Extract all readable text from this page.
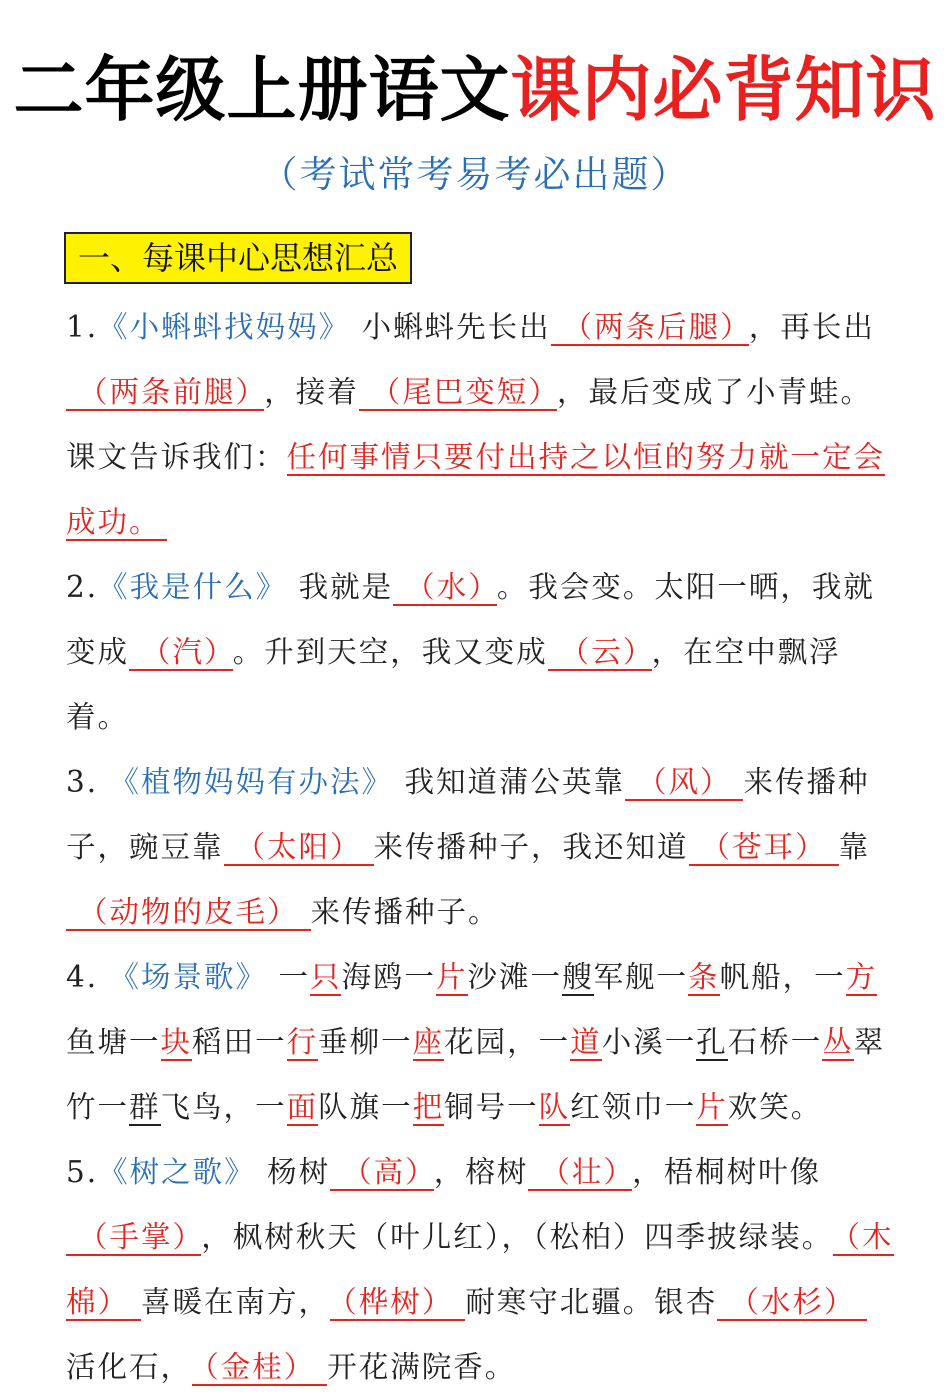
二年级上册语文课内必背知识
（考试常考易考必出题）
一、每课中心思想汇总

1.《小蝌蚪找妈妈》 小蝌蚪先长出 （两条后腿） ，再长出（两条前腿） ，接着 （尾巴变短） ，最后变成了小青蛙。课文告诉我们：任何事情只要付出持之以恒的努力就一定会成功。

2.《我是什么》 我就是 （水） 。我会变。太阳一晒，我就变成 （汽） 。升到天空，我又变成 （云） ，在空中飘浮着。

3. 《植物妈妈有办法》 我知道蒲公英靠 （风） 来传播种子，豌豆靠 （太阳） 来传播种子，我还知道 （苍耳） 靠（动物的皮毛） 来传播种子。

4. 《场景歌》 一只海鸥一片沙滩一艘军舰一条帆船，一方鱼塘一块稻田一行垂柳一座花园，一道小溪一孔石桥一丛翠竹一群飞鸟，一面队旗一把铜号一队红领巾一片欢笑。

5.《树之歌》 杨树 （高） ，榕树 （壮） ，梧桐树叶像（手掌） ，枫树秋天（叶儿红），（松柏）四季披绿装。 （木棉） 喜暖在南方， （桦树） 耐寒守北疆。银杏 （水杉）活化石， （金桂） 开花满院香。
